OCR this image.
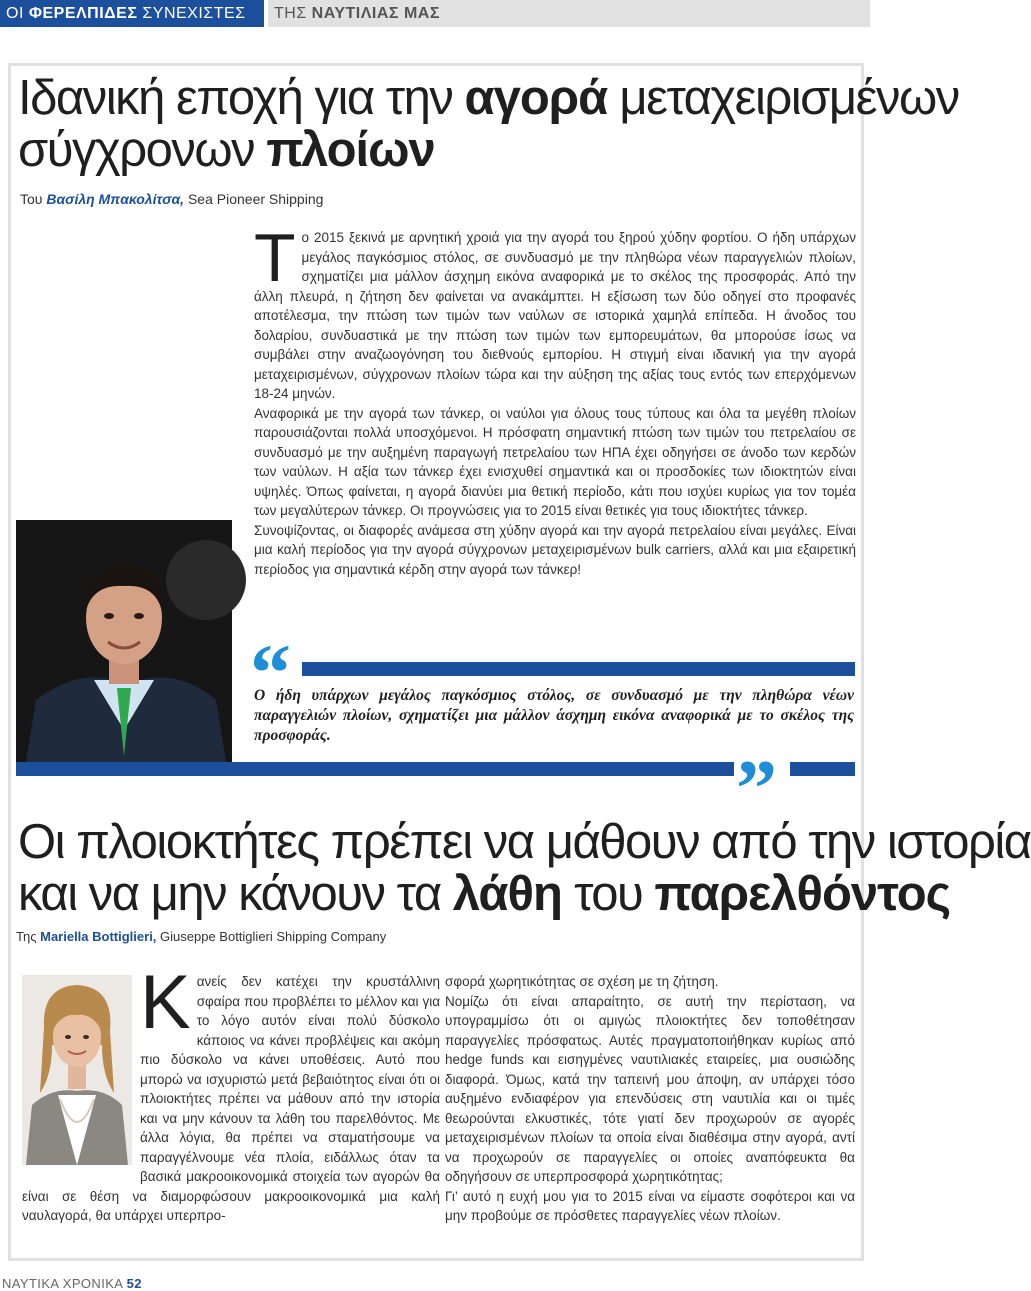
ΟΙ ΦΕΡΕΛΠΙΔΕΣ ΣΥΝΕΧΙΣΤΕΣ	ΤΗΣ ΝΑΥΤΙΛΙΑΣ ΜΑΣ
Ιδανική εποχή για την αγορά μεταχειρισμένων
σύγχρονων πλοίων
Του Βασίλη Μπακολίτσα, Sea Pioneer Shipping

Το 2015 ξεκινά με αρνητική χροιά για την αγορά του ξηρού χύδην φορτίου. Ο ήδη υπάρχων μεγάλος παγκόσμιος στόλος, σε συνδυασμό με την πληθώρα νέων παραγγελιών πλοίων, σχηματίζει μια μάλλον άσχημη εικόνα αναφορικά με το σκέλος της προσφοράς. Από την άλλη πλευρά, η ζήτηση δεν φαίνεται να ανακάμπτει. Η εξίσωση των δύο οδηγεί στο προφανές αποτέλεσμα, την πτώση των τιμών των ναύλων σε ιστορικά χαμηλά επίπεδα. Η άνοδος του δολαρίου, συνδυαστικά με την πτώση των τιμών των εμπορευμάτων, θα μπορούσε ίσως να συμβάλει στην αναζωογόνηση του διεθνούς εμπορίου. Η στιγμή είναι ιδανική για την αγορά μεταχειρισμένων, σύγχρονων πλοίων τώρα και την αύξηση της αξίας τους εντός των επερχόμενων 18-24 μηνών.

Αναφορικά με την αγορά των τάνκερ, οι ναύλοι για όλους τους τύπους και όλα τα μεγέθη πλοίων παρουσιάζονται πολλά υποσχόμενοι. Η πρόσφατη σημαντική πτώση των τιμών του πετρελαίου σε συνδυασμό με την αυξημένη παραγωγή πετρελαίου των ΗΠΑ έχει οδηγήσει σε άνοδο των κερδών των ναύλων. Η αξία των τάνκερ έχει ενισχυθεί σημαντικά και οι προσδοκίες των ιδιοκτητών είναι υψηλές. Όπως φαίνεται, η αγορά διανύει μια θετική περίοδο, κάτι που ισχύει κυρίως για τον τομέα των μεγαλύτερων τάνκερ. Οι προγνώσεις για το 2015 είναι θετικές για τους ιδιοκτήτες τάνκερ.

Συνοψίζοντας, οι διαφορές ανάμεσα στη χύδην αγορά και την αγορά πετρελαίου είναι μεγάλες. Είναι μια καλή περίοδος για την αγορά σύγχρονων μεταχειρισμένων bulk carriers, αλλά και μια εξαιρετική περίοδος για σημαντικά κέρδη στην αγορά των τάνκερ!

“

Ο ήδη υπάρχων μεγάλος παγκόσμιος στόλος, σε συνδυασμό με την πληθώρα νέων παραγγελιών πλοίων, σχηματίζει μια μάλλον άσχημη εικόνα αναφορικά με το σκέλος της προσφοράς.

”
Οι πλοιοκτήτες πρέπει να μάθουν από την ιστορία
και να μην κάνουν τα λάθη του παρελθόντος
Της Mariella Bottiglieri, Giuseppe Bottiglieri Shipping Company

Κανείς δεν κατέχει την κρυστάλλινη σφαίρα που προβλέπει το μέλλον και για το λόγο αυτόν είναι πολύ δύσκολο κάποιος να κάνει προβλέψεις και ακόμη πιο δύσκολο να κάνει υποθέσεις. Αυτό που μπορώ να ισχυριστώ μετά βεβαιότητος είναι ότι οι πλοιοκτήτες πρέπει να μάθουν από την ιστορία και να μην κάνουν τα λάθη του παρελθόντος. Με άλλα λόγια, θα πρέπει να σταματήσουμε να παραγγέλνουμε νέα πλοία, ειδάλλως όταν τα βασικά μακροοικονομικά στοιχεία των αγορών θα είναι σε θέση να διαμορφώσουν μακροοικονομικά μια καλή ναυλαγορά, θα υπάρχει υπερπρο-

σφορά χωρητικότητας σε σχέση με τη ζήτηση.

Νομίζω ότι είναι απαραίτητο, σε αυτή την περίσταση, να υπογραμμίσω ότι οι αμιγώς πλοιοκτήτες δεν τοποθέτησαν παραγγελίες πρόσφατως. Αυτές πραγματοποιήθηκαν κυρίως από hedge funds και εισηγμένες ναυτιλιακές εταιρείες, μια ουσιώδης διαφορά. Όμως, κατά την ταπεινή μου άποψη, αν υπάρχει τόσο αυξημένο ενδιαφέρον για επενδύσεις στη ναυτιλία και οι τιμές θεωρούνται ελκυστικές, τότε γιατί δεν προχωρούν σε αγορές μεταχειρισμένων πλοίων τα οποία είναι διαθέσιμα στην αγορά, αντί να προχωρούν σε παραγγελίες οι οποίες αναπόφευκτα θα οδηγήσουν σε υπερπροσφορά χωρητικότητας;

Γι’ αυτό η ευχή μου για το 2015 είναι να είμαστε σοφότεροι και να μην προβούμε σε πρόσθετες παραγγελίες νέων πλοίων.

ΝΑΥΤΙΚΑ ΧΡΟΝΙΚΑ 52
